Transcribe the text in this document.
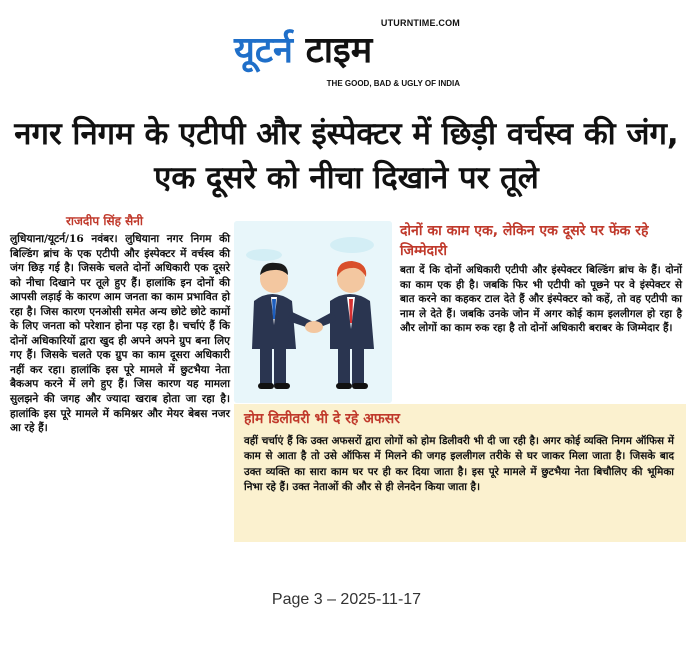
UTURNTIME.COM
यूटर्न टाइम
THE GOOD, BAD & UGLY OF INDIA
नगर निगम के एटीपी और इंस्पेक्टर में छिड़ी वर्चस्व की जंग, एक दूसरे को नीचा दिखाने पर तूले
राजदीप सिंह सैनी
लुधियाना/यूटर्न/16 नवंबर। लुधियाना नगर निगम की बिल्डिंग ब्रांच के एक एटीपी और इंस्पेक्टर में वर्चस्व की जंग छिड़ गई है। जिसके चलते दोनों अधिकारी एक दूसरे को नीचा दिखाने पर तूले हुए हैं। हालांकि इन दोनों की आपसी लड़ाई के कारण आम जनता का काम प्रभावित हो रहा है। जिस कारण एनओसी समेत अन्य छोटे छोटे कामों के लिए जनता को परेशान होना पड़ रहा है। चर्चाएं हैं कि दोनों अधिकारियों द्वारा खुद ही अपने अपने ग्रुप बना लिए गए हैं। जिसके चलते एक ग्रुप का काम दूसरा अधिकारी नहीं कर रहा। हालांकि इस पूरे मामले में छुटभैया नेता बैकअप करने में लगे हुए हैं। जिस कारण यह मामला सुलझने की जगह और ज्यादा खराब होता जा रहा है। हालांकि इस पूरे मामले में कमिश्नर और मेयर बेबस नजर आ रहे हैं।
दोनों का काम एक, लेकिन एक दूसरे पर फेंक रहे जिम्मेदारी
बता दें कि दोनों अधिकारी एटीपी और इंस्पेक्टर बिल्डिंग ब्रांच के हैं। दोनों का काम एक ही है। जबकि फिर भी एटीपी को पूछने पर वे इंस्पेक्टर से बात करने का कहकर टाल देते हैं और इंस्पेक्टर को कहें, तो वह एटीपी का नाम ले देते हैं। जबकि उनके जोन में अगर कोई काम इललीगल हो रहा है और लोगों का काम रुक रहा है तो दोनों अधिकारी बराबर के जिम्मेदार हैं।
होम डिलीवरी भी दे रहे अफसर
वहीं चर्चाएं हैं कि उक्त अफसरों द्वारा लोगों को होम डिलीवरी भी दी जा रही है। अगर कोई व्यक्ति निगम ऑफिस में काम से आता है तो उसे ऑफिस में मिलने की जगह इललीगल तरीके से घर जाकर मिला जाता है। जिसके बाद उक्त व्यक्ति का सारा काम घर पर ही कर दिया जाता है। इस पूरे मामले में छुटभैया नेता बिचौलिए की भूमिका निभा रहे हैं। उक्त नेताओं की और से ही लेनदेन किया जाता है।
Page 3 – 2025-11-17
